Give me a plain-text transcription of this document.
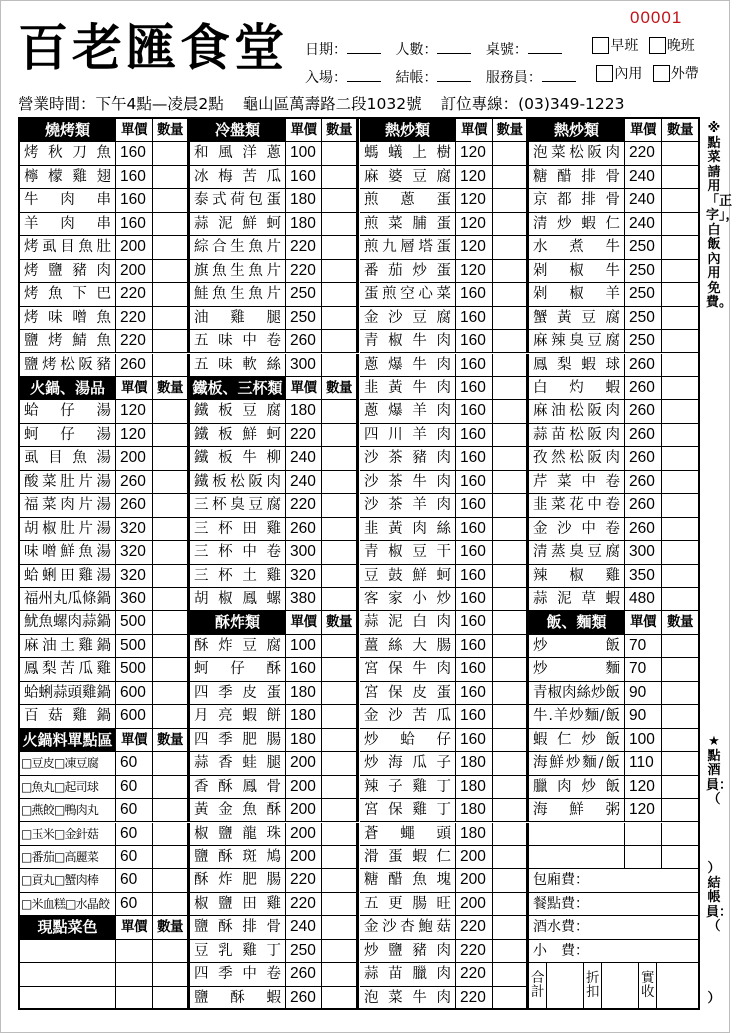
百老匯食堂
00001
日期：	人數：	桌號：	早班
晚班
入場：	結帳：	服務員：	內用
外帶
營業時間：下午4點—凌晨2點 龜山區萬壽路二段1032號 訂位專線：(03)349-1223
燒烤類	單價 數量
烤秋刀魚 160
檸檬雞翅 160
牛肉串 160
羊肉串 160
烤虱目魚肚 200
烤鹽豬肉 200
烤魚下巴 220
烤味噌魚 220
鹽烤鯖魚 220
鹽烤松阪豬 260
火鍋、湯品	單價 數量
蛤仔湯 120
蚵仔湯 120
虱目魚湯 200
酸菜肚片湯 260
福菜肉片湯 260
胡椒肚片湯 320
味噌鮮魚湯 320
蛤蜊田雞湯 320
福州丸瓜條鍋 360
魷魚螺肉蒜鍋 500
麻油土雞鍋 500
鳳梨苦瓜雞 500
蛤蜊蒜頭雞鍋 600
百菇雞鍋 600
火鍋料單點區 單價 數量
□豆皮□凍豆腐	60
□魚丸□起司球	60
□燕餃□鴨肉丸	60
□玉米□金針菇	60
□番茄□高麗菜	60
□貢丸□蟹肉棒	60
□米血糕□水晶餃 60
現點菜色	單價 數量
冷盤類	單價 數量
和風洋蔥 100
冰梅苦瓜 160
泰式荷包蛋 180
蒜泥鮮蚵 180
綜合生魚片 220
旗魚生魚片 220
鮭魚生魚片 250
油雞腿 250
五味中卷 260
五味軟絲 300
鐵板、三杯類 單價 數量
鐵板豆腐 180
鐵板鮮蚵 220
鐵板牛柳 240
鐵板松阪肉 240
三杯臭豆腐 220
三杯田雞 260
三杯中卷 300
三杯土雞 320
胡椒鳳螺 380
酥炸類	單價 數量
酥炸豆腐 100
蚵仔酥 160
四季皮蛋 180
月亮蝦餅 180
四季肥腸 180
蒜香蛙腿 200
香酥鳳骨 200
黃金魚酥 200
椒鹽龍珠 200
鹽酥斑鳩 200
酥炸肥腸 220
椒鹽田雞 220
鹽酥排骨 240
豆乳雞丁 250
四季中卷 260
鹽酥蝦 260
熱炒類	單價 數量
螞蟻上樹 120
麻婆豆腐 120
煎蔥蛋 120
煎菜脯蛋 120
煎九層塔蛋 120
番茄炒蛋 120
蛋煎空心菜 160
金沙豆腐 160
青椒牛肉 160
蔥爆牛肉 160
韭黃牛肉 160
蔥爆羊肉 160
四川羊肉 160
沙茶豬肉 160
沙茶牛肉 160
沙茶羊肉 160
韭黃肉絲 160
青椒豆干 160
豆鼓鮮蚵 160
客家小炒 160
蒜泥白肉 160
薑絲大腸 160
宮保牛肉 160
宮保皮蛋 160
金沙苦瓜 160
炒蛤仔 160
炒海瓜子 180
辣子雞丁 180
宮保雞丁 180
蒼蠅頭 180
滑蛋蝦仁 200
糖醋魚塊 200
五更腸旺 200
金沙杏鮑菇 220
炒鹽豬肉 220
蒜苗臘肉 220
泡菜牛肉 220
熱炒類	單價 數量
泡菜松阪肉 220
糖醋排骨 240
京都排骨 240
清炒蝦仁 240
水煮牛 250
剁椒牛 250
剁椒羊 250
蟹黃豆腐 250
麻辣臭豆腐 250
鳳梨蝦球 260
白灼蝦 260
麻油松阪肉 260
蒜苗松阪肉 260
孜然松阪肉 260
芹菜中卷 260
韭菜花中卷 260
金沙中卷 260
清蒸臭豆腐 300
辣椒雞 350
蒜泥草蝦 480
飯、麵類	單價 數量
炒飯 70
炒麵 70
青椒肉絲炒飯 90
牛.羊炒麵/飯 90
蝦仁炒飯 100
海鮮炒麵/飯 110
臘肉炒飯 120
海鮮粥 120
包廂費：
餐點費：
酒水費：
小　費：
合計
折扣
實收
※點菜請用「正字」，白飯內用免費。
★點酒員：（
）結帳員：（
）
